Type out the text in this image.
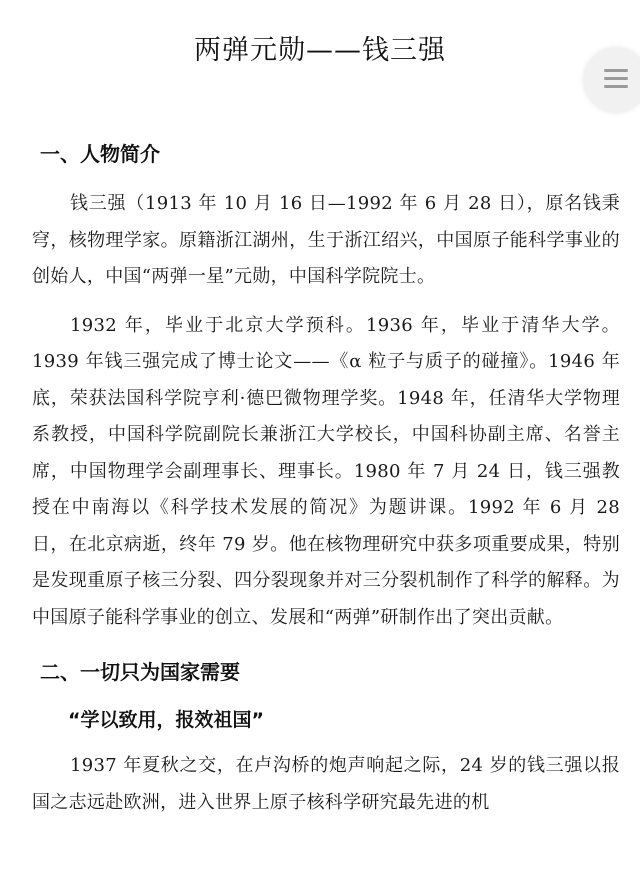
两弹元勋——钱三强
一、人物简介

钱三强（1913 年 10 月 16 日—1992 年 6 月 28 日），原名钱秉穹，核物理学家。原籍浙江湖州，生于浙江绍兴，中国原子能科学事业的创始人，中国“两弹一星”元勋，中国科学院院士。

1932 年，毕业于北京大学预科。1936 年，毕业于清华大学。1939 年钱三强完成了博士论文——《α 粒子与质子的碰撞》。1946 年底，荣获法国科学院亨利·德巴微物理学奖。1948 年，任清华大学物理系教授，中国科学院副院长兼浙江大学校长，中国科协副主席、名誉主席，中国物理学会副理事长、理事长。1980 年 7 月 24 日，钱三强教授在中南海以《科学技术发展的简况》为题讲课。1992 年 6 月 28 日，在北京病逝，终年 79 岁。他在核物理研究中获多项重要成果，特别是发现重原子核三分裂、四分裂现象并对三分裂机制作了科学的解释。为中国原子能科学事业的创立、发展和“两弹”研制作出了突出贡献。

二、一切只为国家需要
“学以致用，报效祖国”

1937 年夏秋之交，在卢沟桥的炮声响起之际，24 岁的钱三强以报国之志远赴欧洲，进入世界上原子核科学研究最先进的机
